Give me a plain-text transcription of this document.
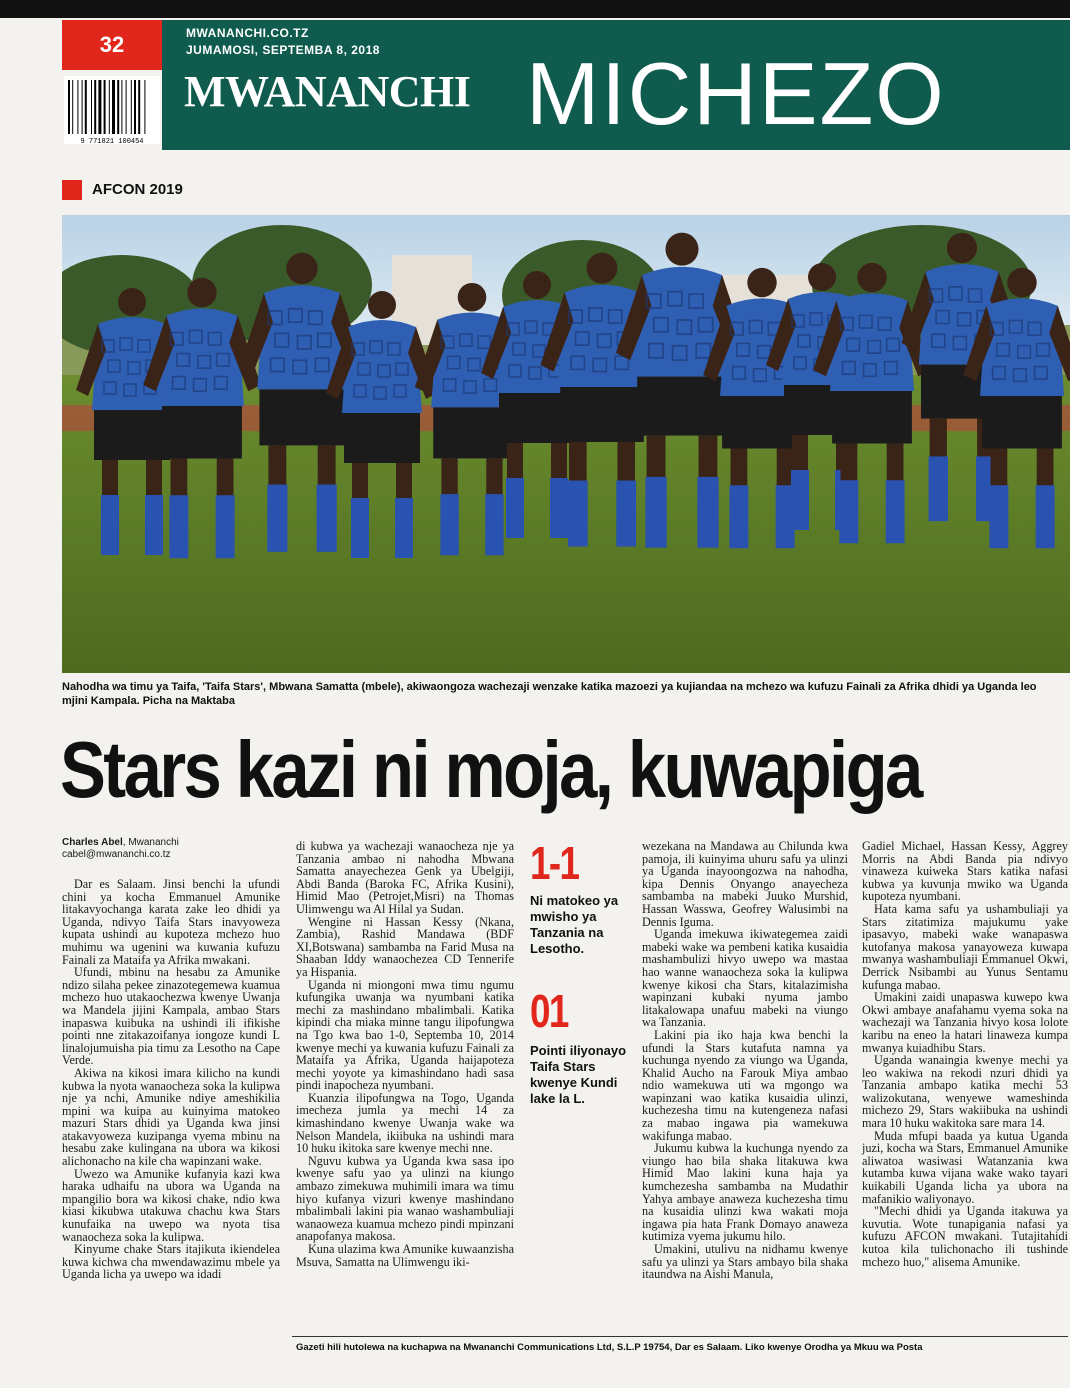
32	MWANANCHI.CO.TZ
JUMAMOSI, SEPTEMBA 8, 2018
MWANANCHI MICHEZO
9 771821 100454
AFCON 2019
Nahodha wa timu ya Taifa, 'Taifa Stars', Mbwana Samatta (mbele), akiwaongoza wachezaji wenzake katika mazoezi ya kujiandaa na mchezo wa kufuzu Fainali za Afrika dhidi ya Uganda leo mjini Kampala. Picha na Maktaba
Stars kazi ni moja, kuwapiga
Charles Abel, Mwananchi
cabel@mwananchi.co.tz

Dar es Salaam. Jinsi benchi la ufundi chini ya kocha Emmanuel Amunike litakavyochanga karata zake leo dhidi ya Uganda, ndivyo Taifa Stars inavyoweza kupata ushindi au kupoteza mchezo huo muhimu wa ugenini wa kuwania kufuzu Fainali za Mataifa ya Afrika mwakani.

Ufundi, mbinu na hesabu za Amunike ndizo silaha pekee zinazotegemewa kuamua mchezo huo utakaochezwa kwenye Uwanja wa Mandela jijini Kampala, ambao Stars inapaswa kuibuka na ushindi ili ifikishe pointi nne zitakazoifanya iongoze kundi L linalojumuisha pia timu za Lesotho na Cape Verde.

Akiwa na kikosi imara kilicho na kundi kubwa la nyota wanaocheza soka la kulipwa nje ya nchi, Amunike ndiye ameshikilia mpini wa kuipa au kuinyima matokeo mazuri Stars dhidi ya Uganda kwa jinsi atakavyoweza kuzipanga vyema mbinu na hesabu zake kulingana na ubora wa kikosi alichonacho na kile cha wapinzani wake.

Uwezo wa Amunike kufanyia kazi kwa haraka udhaifu na ubora wa Uganda na mpangilio bora wa kikosi chake, ndio kwa kiasi kikubwa utakuwa chachu kwa Stars kunufaika na uwepo wa nyota tisa wanaocheza soka la kulipwa.

Kinyume chake Stars itajikuta ikiendelea kuwa kichwa cha mwendawazimu mbele ya Uganda licha ya uwepo wa idadi

di kubwa ya wachezaji wanaocheza nje ya Tanzania ambao ni nahodha Mbwana Samatta anayechezea Genk ya Ubelgiji, Abdi Banda (Baroka FC, Afrika Kusini), Himid Mao (Petrojet,Misri) na Thomas Ulimwengu wa Al Hilal ya Sudan.

Wengine ni Hassan Kessy (Nkana, Zambia), Rashid Mandawa (BDF XI,Botswana) sambamba na Farid Musa na Shaaban Iddy wanaochezea CD Tennerife ya Hispania.

Uganda ni miongoni mwa timu ngumu kufungika uwanja wa nyumbani katika mechi za mashindano mbalimbali. Katika kipindi cha miaka minne tangu ilipofungwa na Tgo kwa bao 1-0, Septemba 10, 2014 kwenye mechi ya kuwania kufuzu Fainali za Mataifa ya Afrika, Uganda haijapoteza mechi yoyote ya kimashindano hadi sasa pindi inapocheza nyumbani.

Kuanzia ilipofungwa na Togo, Uganda imecheza jumla ya mechi 14 za kimashindano kwenye Uwanja wake wa Nelson Mandela, ikiibuka na ushindi mara 10 huku ikitoka sare kwenye mechi nne.

Nguvu kubwa ya Uganda kwa sasa ipo kwenye safu yao ya ulinzi na kiungo ambazo zimekuwa muhimili imara wa timu hiyo kufanya vizuri kwenye mashindano mbalimbali lakini pia wanao washambuliaji wanaoweza kuamua mchezo pindi mpinzani anapofanya makosa.

Kuna ulazima kwa Amunike kuwaanzisha Msuva, Samatta na Ulimwengu iki-

1-1
Ni matokeo ya mwisho ya Tanzania na Lesotho.
01
Pointi iliyonayo Taifa Stars kwenye Kundi lake la L.

wezekana na Mandawa au Chilunda kwa pamoja, ili kuinyima uhuru safu ya ulinzi ya Uganda inayoongozwa na nahodha, kipa Dennis Onyango anayecheza sambamba na mabeki Juuko Murshid, Hassan Wasswa, Geofrey Walusimbi na Dennis Iguma.

Uganda imekuwa ikiwategemea zaidi mabeki wake wa pembeni katika kusaidia mashambulizi hivyo uwepo wa mastaa hao wanne wanaocheza soka la kulipwa kwenye kikosi cha Stars, kitalazimisha wapinzani kubaki nyuma jambo litakalowapa unafuu mabeki na viungo wa Tanzania.

Lakini pia iko haja kwa benchi la ufundi la Stars kutafuta namna ya kuchunga nyendo za viungo wa Uganda, Khalid Aucho na Farouk Miya ambao ndio wamekuwa uti wa mgongo wa wapinzani wao katika kusaidia ulinzi, kuchezesha timu na kutengeneza nafasi za mabao ingawa pia wamekuwa wakifunga mabao.

Jukumu kubwa la kuchunga nyendo za viungo hao bila shaka litakuwa kwa Himid Mao lakini kuna haja ya kumchezesha sambamba na Mudathir Yahya ambaye anaweza kuchezesha timu na kusaidia ulinzi kwa wakati moja ingawa pia hata Frank Domayo anaweza kutimiza vyema jukumu hilo.

Umakini, utulivu na nidhamu kwenye safu ya ulinzi ya Stars ambayo bila shaka itaundwa na Aishi Manula,

Gadiel Michael, Hassan Kessy, Aggrey Morris na Abdi Banda pia ndivyo vinaweza kuiweka Stars katika nafasi kubwa ya kuvunja mwiko wa Uganda kupoteza nyumbani.

Hata kama safu ya ushambuliaji ya Stars zitatimiza majukumu yake ipasavyo, mabeki wake wanapaswa kutofanya makosa yanayoweza kuwapa mwanya washambuliaji Emmanuel Okwi, Derrick Nsibambi au Yunus Sentamu kufunga mabao.

Umakini zaidi unapaswa kuwepo kwa Okwi ambaye anafahamu vyema soka na wachezaji wa Tanzania hivyo kosa lolote karibu na eneo la hatari linaweza kumpa mwanya kuiadhibu Stars.

Uganda wanaingia kwenye mechi ya leo wakiwa na rekodi nzuri dhidi ya Tanzania ambapo katika mechi 53 walizokutana, wenyewe wameshinda michezo 29, Stars wakiibuka na ushindi mara 10 huku wakitoka sare mara 14.

Muda mfupi baada ya kutua Uganda juzi, kocha wa Stars, Emmanuel Amunike aliwatoa wasiwasi Watanzania kwa kutamba kuwa vijana wake wako tayari kuikabili Uganda licha ya ubora na mafanikio waliyonayo.

"Mechi dhidi ya Uganda itakuwa ya kuvutia. Wote tunapigania nafasi ya kufuzu AFCON mwakani. Tutajitahidi kutoa kila tulichonacho ili tushinde mchezo huo," alisema Amunike.

Gazeti hili hutolewa na kuchapwa na Mwananchi Communications Ltd, S.L.P 19754, Dar es Salaam. Liko kwenye Orodha ya Mkuu wa Posta
